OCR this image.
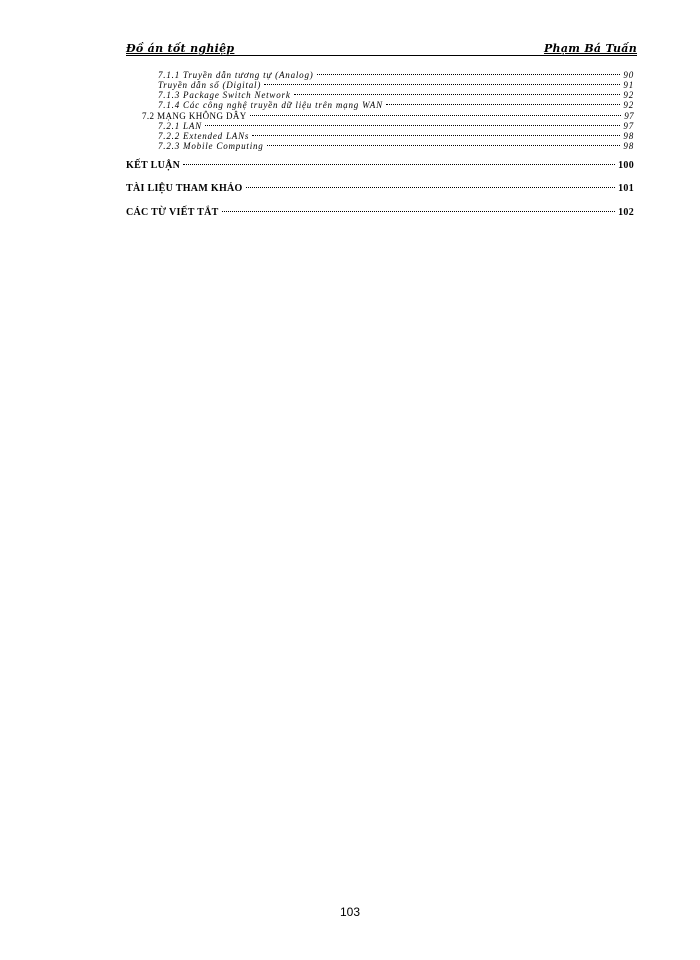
Đồ án tốt nghiệp	Phạm Bá Tuấn
7.1.1 Truyền dẫn tương tự (Analog)	90
Truyền dẫn số (Digital)	91
7.1.3 Package Switch Network	92
7.1.4 Các công nghệ truyền dữ liệu trên mạng WAN	92
7.2 MẠNG KHÔNG DÂY	97
7.2.1 LAN	97
7.2.2 Extended LANs	98
7.2.3 Mobile Computing	98
KẾT LUẬN	100
TÀI LIỆU THAM KHẢO	101
CÁC TỪ VIẾT TẮT	102
103
